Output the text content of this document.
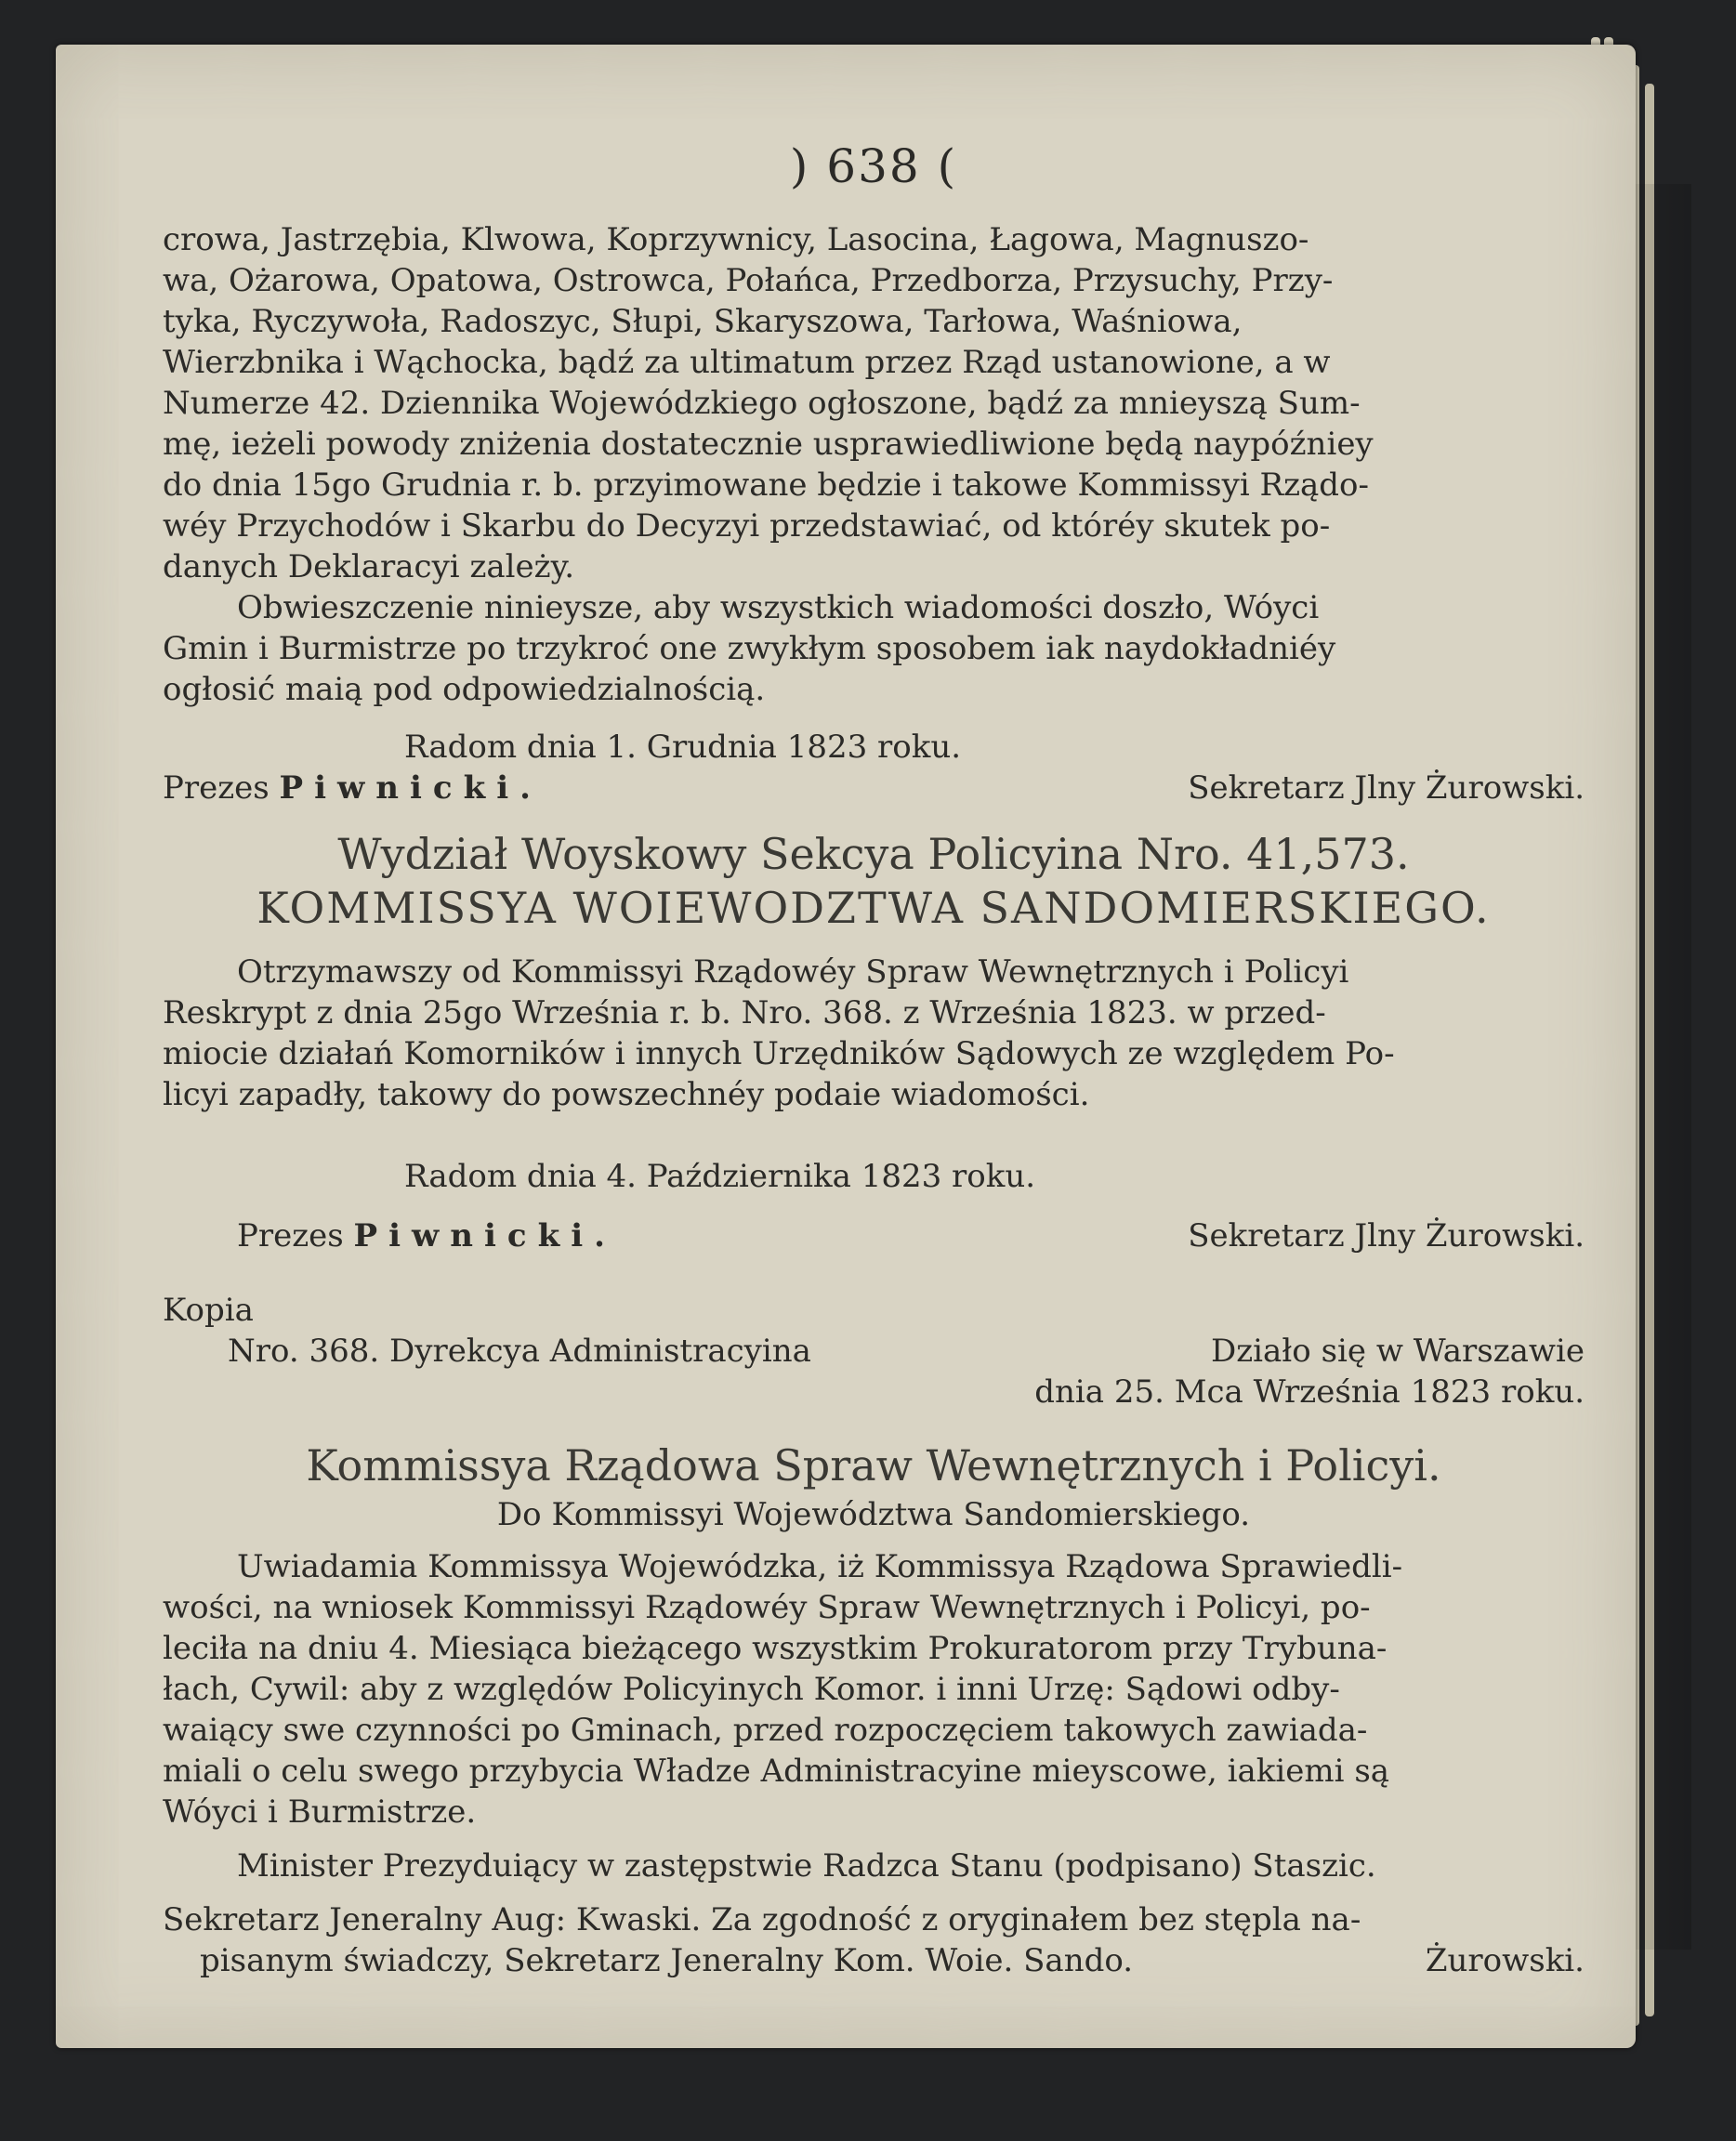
) 638 (
crowa, Jastrzębia, Klwowa, Koprzywnicy, Lasocina, Łagowa, Magnuszo-
wa, Ożarowa, Opatowa, Ostrowca, Połańca, Przedborza, Przysuchy, Przy-
tyka, Ryczywoła, Radoszyc, Słupi, Skaryszowa, Tarłowa, Waśniowa,
Wierzbnika i Wąchocka, bądź za ultimatum przez Rząd ustanowione, a w
Numerze 42. Dziennika Wojewódzkiego ogłoszone, bądź za mnieyszą Sum-
mę, ieżeli powody zniżenia dostatecznie usprawiedliwione będą naypóźniey
do dnia 15go Grudnia r. b. przyimowane będzie i takowe Kommissyi Rządo-
wéy Przychodów i Skarbu do Decyzyi przedstawiać, od któréy skutek po-
danych Deklaracyi zależy.
Obwieszczenie ninieysze, aby wszystkich wiadomości doszło, Wóyci
Gmin i Burmistrze po trzykroć one zwykłym sposobem iak naydokładniéy
ogłosić maią pod odpowiedzialnością.
Radom dnia 1. Grudnia 1823 roku.
Prezes Piwnicki.	Sekretarz Jlny Żurowski.
Wydział Woyskowy Sekcya Policyina Nro. 41,573.
KOMMISSYA WOIEWODZTWA SANDOMIERSKIEGO.
Otrzymawszy od Kommissyi Rządowéy Spraw Wewnętrznych i Policyi
Reskrypt z dnia 25go Września r. b. Nro. 368. z Września 1823. w przed-
miocie działań Komorników i innych Urzędników Sądowych ze względem Po-
licyi zapadły, takowy do powszechnéy podaie wiadomości.
Radom dnia 4. Października 1823 roku.
Prezes Piwnicki.	Sekretarz Jlny Żurowski.
Kopia
Nro. 368. Dyrekcya Administracyina	Działo się w Warszawie
dnia 25. Mca Września 1823 roku.
Kommissya Rządowa Spraw Wewnętrznych i Policyi.
Do Kommissyi Województwa Sandomierskiego.
Uwiadamia Kommissya Wojewódzka, iż Kommissya Rządowa Sprawiedli-
wości, na wniosek Kommissyi Rządowéy Spraw Wewnętrznych i Policyi, po-
leciła na dniu 4. Miesiąca bieżącego wszystkim Prokuratorom przy Trybuna-
łach, Cywil: aby z względów Policyinych Komor. i inni Urzę: Sądowi odby-
waiący swe czynności po Gminach, przed rozpoczęciem takowych zawiada-
miali o celu swego przybycia Władze Administracyine mieyscowe, iakiemi są
Wóyci i Burmistrze.
Minister Prezyduiący w zastępstwie Radzca Stanu (podpisano) Staszic.
Sekretarz Jeneralny Aug: Kwaski. Za zgodność z oryginałem bez stępla na-
pisanym świadczy, Sekretarz Jeneralny Kom. Woie. Sando.	Żurowski.
